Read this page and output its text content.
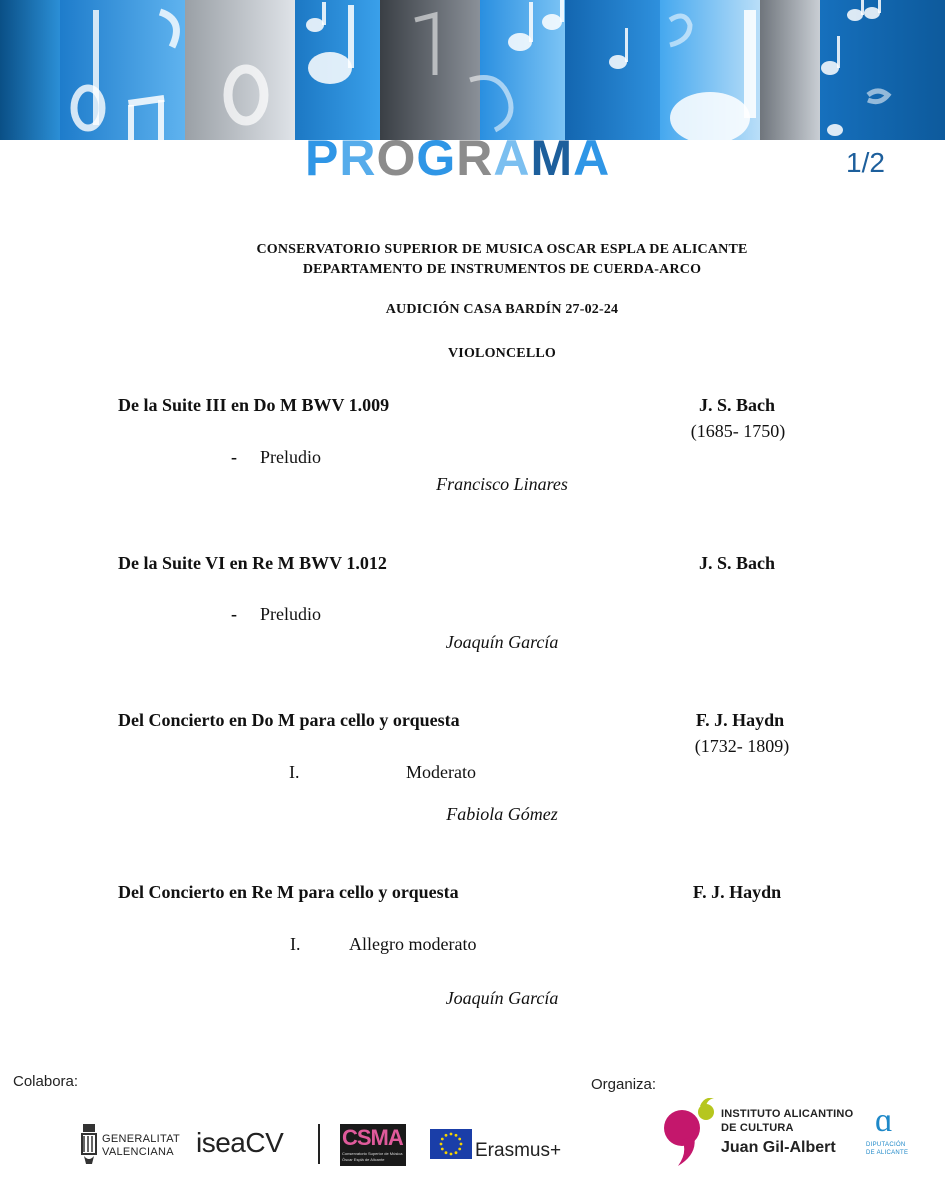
PROGRAMA	1/2
CONSERVATORIO SUPERIOR DE MUSICA OSCAR ESPLA DE ALICANTE
DEPARTAMENTO DE INSTRUMENTOS DE CUERDA-ARCO
AUDICIÓN CASA BARDÍN 27-02-24
VIOLONCELLO
De la Suite III en Do M BWV 1.009	J. S. Bach
(1685- 1750)
- Preludio
Francisco Linares
De la Suite VI en Re M BWV 1.012	J. S. Bach
- Preludio
Joaquín García
Del Concierto en Do M para cello y orquesta	F. J. Haydn
(1732- 1809)
I.	Moderato
Fabiola Gómez
Del Concierto en Re M para cello y orquesta	F. J. Haydn
I.	Allegro moderato
Joaquín García
Colabora:	Organiza:
GENERALITAT
VALENCIANA iseaCV	CSMA
Conservatorio Superior de Música
Óscar Esplá de Alicante	Erasmus+
INSTITUTO ALICANTINO
DE CULTURA
Juan Gil-Albert
ɑ
DIPUTACIÓN
DE ALICANTE
